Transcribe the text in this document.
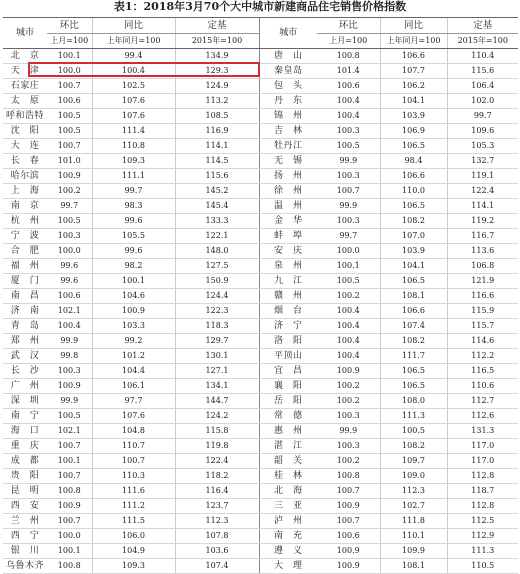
表1：2018年3月70个大中城市新建商品住宅销售价格指数
城市	环比	同比	定基	城市	环比	同比	定基
	上月=100	上年同月=100	2015年=100		上月=100	上年同月=100	2015年=100
北　京	100.1	99.4	134.9	唐　山	100.8	106.6	110.4
天　津	100.0	100.4	129.3	秦皇岛	101.4	107.7	115.6
石家庄	100.7	102.5	124.9	包　头	100.6	106.2	106.4
太　原	100.6	107.6	113.2	丹　东	100.4	104.1	102.0
呼和浩特	100.5	107.6	108.5	锦　州	100.4	103.9	99.7
沈　阳	100.5	111.4	116.9	吉　林	100.3	106.9	109.6
大　连	100.7	110.8	114.1	牡丹江	100.5	106.5	105.3
长　春	101.0	109.3	114.5	无　锡	99.9	98.4	132.7
哈尔滨	100.9	111.1	115.6	扬　州	100.3	106.6	119.1
上　海	100.2	99.7	145.2	徐　州	100.7	110.0	122.4
南　京	99.7	98.3	145.4	温　州	99.9	106.5	114.1
杭　州	100.5	99.6	133.3	金　华	100.3	108.2	119.2
宁　波	100.3	105.5	122.1	蚌　埠	99.7	107.0	116.7
合　肥	100.0	99.6	148.0	安　庆	100.0	103.9	113.6
福　州	99.6	98.2	127.5	泉　州	100.1	104.1	106.8
厦　门	99.6	100.1	150.9	九　江	100.5	106.5	121.9
南　昌	100.6	104.6	124.4	赣　州	100.2	108.1	116.6
济　南	102.1	100.9	122.3	烟　台	100.4	106.6	115.9
青　岛	100.4	103.3	118.3	济　宁	100.4	107.4	115.7
郑　州	99.9	99.2	129.7	洛　阳	100.4	108.2	114.6
武　汉	99.8	101.2	130.1	平顶山	100.4	111.7	112.2
长　沙	100.3	104.4	127.1	宜　昌	100.9	106.5	116.5
广　州	100.9	106.1	134.1	襄　阳	100.2	106.5	110.6
深　圳	99.9	97.7	144.7	岳　阳	100.2	108.0	112.7
南　宁	100.5	107.6	124.2	常　德	100.3	111.3	112.6
海　口	102.1	104.8	115.8	惠　州	99.9	100.5	131.3
重　庆	100.7	110.7	119.8	湛　江	100.3	108.2	117.0
成　都	100.1	100.7	122.4	韶　关	100.2	109.7	117.0
贵　阳	100.7	110.3	118.2	桂　林	100.8	109.0	112.8
昆　明	100.8	111.6	116.4	北　海	100.7	112.3	118.7
西　安	100.9	111.2	123.7	三　亚	100.9	102.7	112.8
兰　州	100.7	111.5	112.3	泸　州	100.7	111.8	112.5
西　宁	100.0	106.0	107.8	南　充	100.6	110.1	112.9
银　川	100.1	104.9	103.6	遵　义	100.9	109.9	111.3
乌鲁木齐	100.8	109.3	107.4	大　理	100.9	108.1	110.5
